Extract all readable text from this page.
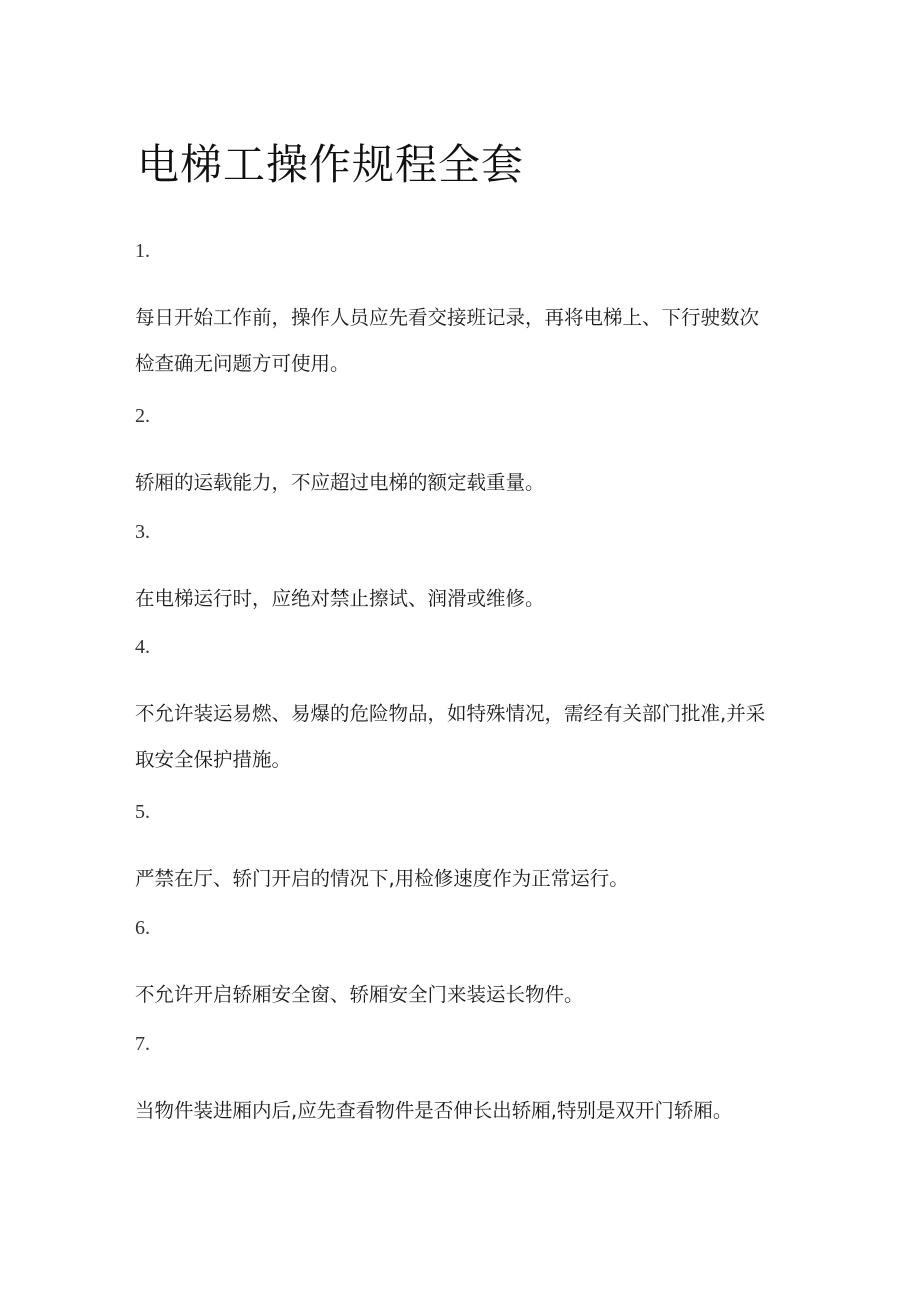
电梯工操作规程全套
1.

每日开始工作前，操作人员应先看交接班记录，再将电梯上、下行驶数次
检查确无问题方可使用。

2.

轿厢的运载能力，不应超过电梯的额定载重量。

3.

在电梯运行时，应绝对禁止擦试、润滑或维修。

4.

不允许装运易燃、易爆的危险物品，如特殊情况，需经有关部门批准,并采
取安全保护措施。

5.

严禁在厅、轿门开启的情况下,用检修速度作为正常运行。

6.

不允许开启轿厢安全窗、轿厢安全门来装运长物件。

7.

当物件装进厢内后,应先查看物件是否伸长出轿厢,特别是双开门轿厢。
